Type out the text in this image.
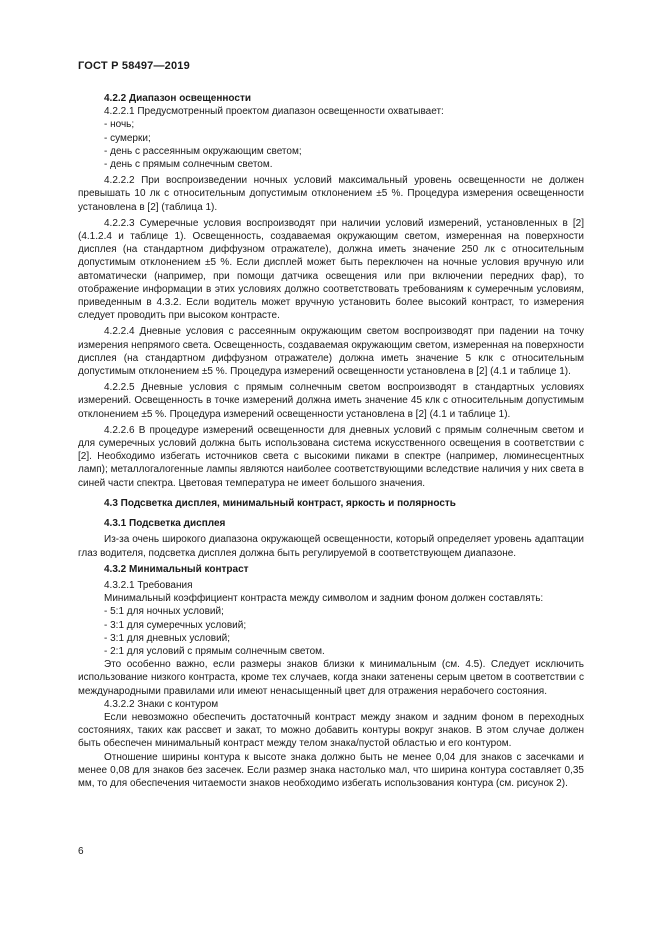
ГОСТ Р 58497—2019

4.2.2 Диапазон освещенности

4.2.2.1 Предусмотренный проектом диапазон освещенности охватывает:

- ночь;

- сумерки;

- день с рассеянным окружающим светом;

- день с прямым солнечным светом.

4.2.2.2 При воспроизведении ночных условий максимальный уровень освещенности не должен превышать 10 лк с относительным допустимым отклонением ±5 %. Процедура измерения освещенности установлена в [2] (таблица 1).

4.2.2.3 Сумеречные условия воспроизводят при наличии условий измерений, установленных в [2] (4.1.2.4 и таблице 1). Освещенность, создаваемая окружающим светом, измеренная на поверхности дисплея (на стандартном диффузном отражателе), должна иметь значение 250 лк с относительным допустимым отклонением ±5 %. Если дисплей может быть переключен на ночные условия вручную или автоматически (например, при помощи датчика освещения или при включении передних фар), то отображение информации в этих условиях должно соответствовать требованиям к сумеречным условиям, приведенным в 4.3.2. Если водитель может вручную установить более высокий контраст, то измерения следует проводить при высоком контрасте.

4.2.2.4 Дневные условия с рассеянным окружающим светом воспроизводят при падении на точку измерения непрямого света. Освещенность, создаваемая окружающим светом, измеренная на поверхности дисплея (на стандартном диффузном отражателе) должна иметь значение 5 клк с относительным допустимым отклонением ±5 %. Процедура измерений освещенности установлена в [2] (4.1 и таблице 1).

4.2.2.5 Дневные условия с прямым солнечным светом воспроизводят в стандартных условиях измерений. Освещенность в точке измерений должна иметь значение 45 клк с относительным допустимым отклонением ±5 %. Процедура измерений освещенности установлена в [2] (4.1 и таблице 1).

4.2.2.6 В процедуре измерений освещенности для дневных условий с прямым солнечным светом и для сумеречных условий должна быть использована система искусственного освещения в соответствии с [2]. Необходимо избегать источников света с высокими пиками в спектре (например, люминесцентных ламп); металлогалогенные лампы являются наиболее соответствующими вследствие наличия у них света в синей части спектра. Цветовая температура не имеет большого значения.

4.3 Подсветка дисплея, минимальный контраст, яркость и полярность

4.3.1 Подсветка дисплея

Из-за очень широкого диапазона окружающей освещенности, который определяет уровень адаптации глаз водителя, подсветка дисплея должна быть регулируемой в соответствующем диапазоне.

4.3.2 Минимальный контраст

4.3.2.1 Требования

Минимальный коэффициент контраста между символом и задним фоном должен составлять:

- 5:1 для ночных условий;

- 3:1 для сумеречных условий;

- 3:1 для дневных условий;

- 2:1 для условий с прямым солнечным светом.

Это особенно важно, если размеры знаков близки к минимальным (см. 4.5). Следует исключить использование низкого контраста, кроме тех случаев, когда знаки затенены серым цветом в соответствии с международными правилами или имеют ненасыщенный цвет для отражения нерабочего состояния.

4.3.2.2 Знаки с контуром

Если невозможно обеспечить достаточный контраст между знаком и задним фоном в переходных состояниях, таких как рассвет и закат, то можно добавить контуры вокруг знаков. В этом случае должен быть обеспечен минимальный контраст между телом знака/пустой областью и его контуром.

Отношение ширины контура к высоте знака должно быть не менее 0,04 для знаков с засечками и менее 0,08 для знаков без засечек. Если размер знака настолько мал, что ширина контура составляет 0,35 мм, то для обеспечения читаемости знаков необходимо избегать использования контура (см. рисунок 2).

6
